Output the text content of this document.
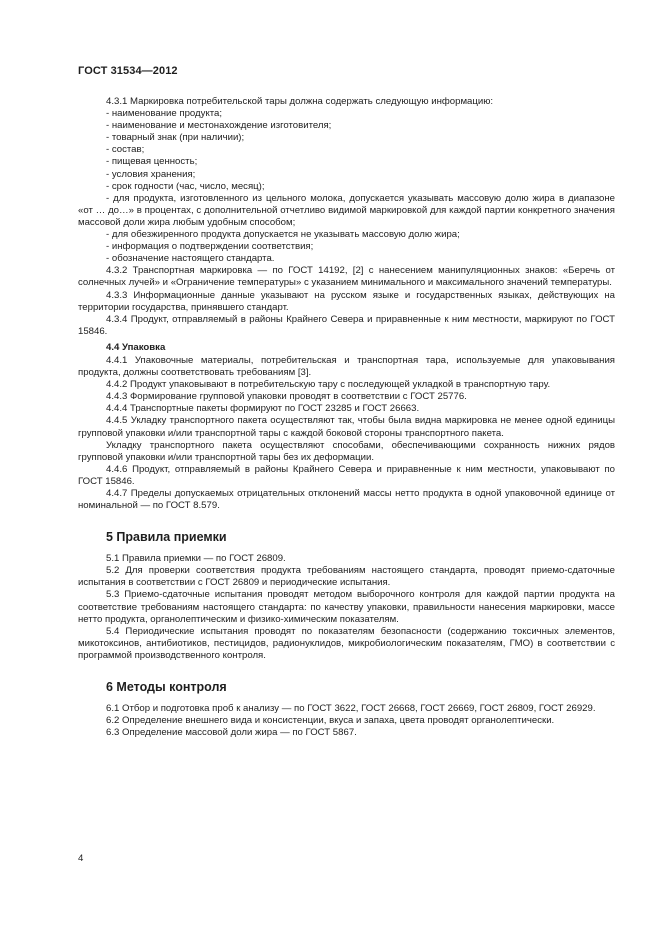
ГОСТ 31534—2012

4.3.1 Маркировка потребительской тары должна содержать следующую информацию:

- наименование продукта;

- наименование и местонахождение изготовителя;

- товарный знак (при наличии);

- состав;

- пищевая ценность;

- условия хранения;

- срок годности (час, число, месяц);

- для продукта, изготовленного из цельного молока, допускается указывать массовую долю жира в диапазоне «от … до…» в процентах, с дополнительной отчетливо видимой маркировкой для каждой партии конкретного значения массовой доли жира любым удобным способом;

- для обезжиренного продукта допускается не указывать массовую долю жира;

- информация о подтверждении соответствия;

- обозначение настоящего стандарта.

4.3.2 Транспортная маркировка — по ГОСТ 14192, [2] с нанесением манипуляционных знаков: «Беречь от солнечных лучей» и «Ограничение температуры» с указанием минимального и максимального значений температуры.

4.3.3 Информационные данные указывают на русском языке и государственных языках, действующих на территории государства, принявшего стандарт.

4.3.4 Продукт, отправляемый в районы Крайнего Севера и приравненные к ним местности, маркируют по ГОСТ 15846.

4.4 Упаковка

4.4.1 Упаковочные материалы, потребительская и транспортная тара, используемые для упаковывания продукта, должны соответствовать требованиям [3].

4.4.2 Продукт упаковывают в потребительскую тару с последующей укладкой в транспортную тару.

4.4.3 Формирование групповой упаковки проводят в соответствии с ГОСТ 25776.

4.4.4 Транспортные пакеты формируют по ГОСТ 23285 и ГОСТ 26663.

4.4.5 Укладку транспортного пакета осуществляют так, чтобы была видна маркировка не менее одной единицы групповой упаковки и/или транспортной тары с каждой боковой стороны транспортного пакета.

Укладку транспортного пакета осуществляют способами, обеспечивающими сохранность нижних рядов групповой упаковки и/или транспортной тары без их деформации.

4.4.6 Продукт, отправляемый в районы Крайнего Севера и приравненные к ним местности, упаковывают по ГОСТ 15846.

4.4.7 Пределы допускаемых отрицательных отклонений массы нетто продукта в одной упаковочной единице от номинальной — по ГОСТ 8.579.

5 Правила приемки

5.1 Правила приемки — по ГОСТ 26809.

5.2 Для проверки соответствия продукта требованиям настоящего стандарта, проводят приемо-сдаточные испытания в соответствии с ГОСТ 26809 и периодические испытания.

5.3 Приемо-сдаточные испытания проводят методом выборочного контроля для каждой партии продукта на соответствие требованиям настоящего стандарта: по качеству упаковки, правильности нанесения маркировки, массе нетто продукта, органолептическим и физико-химическим показателям.

5.4 Периодические испытания проводят по показателям безопасности (содержанию токсичных элементов, микотоксинов, антибиотиков, пестицидов, радионуклидов, микробиологическим показателям, ГМО) в соответствии с программой производственного контроля.

6 Методы контроля

6.1 Отбор и подготовка проб к анализу — по ГОСТ 3622, ГОСТ 26668, ГОСТ 26669, ГОСТ 26809, ГОСТ 26929.

6.2 Определение внешнего вида и консистенции, вкуса и запаха, цвета проводят органолептически.

6.3 Определение массовой доли жира — по ГОСТ 5867.

4
